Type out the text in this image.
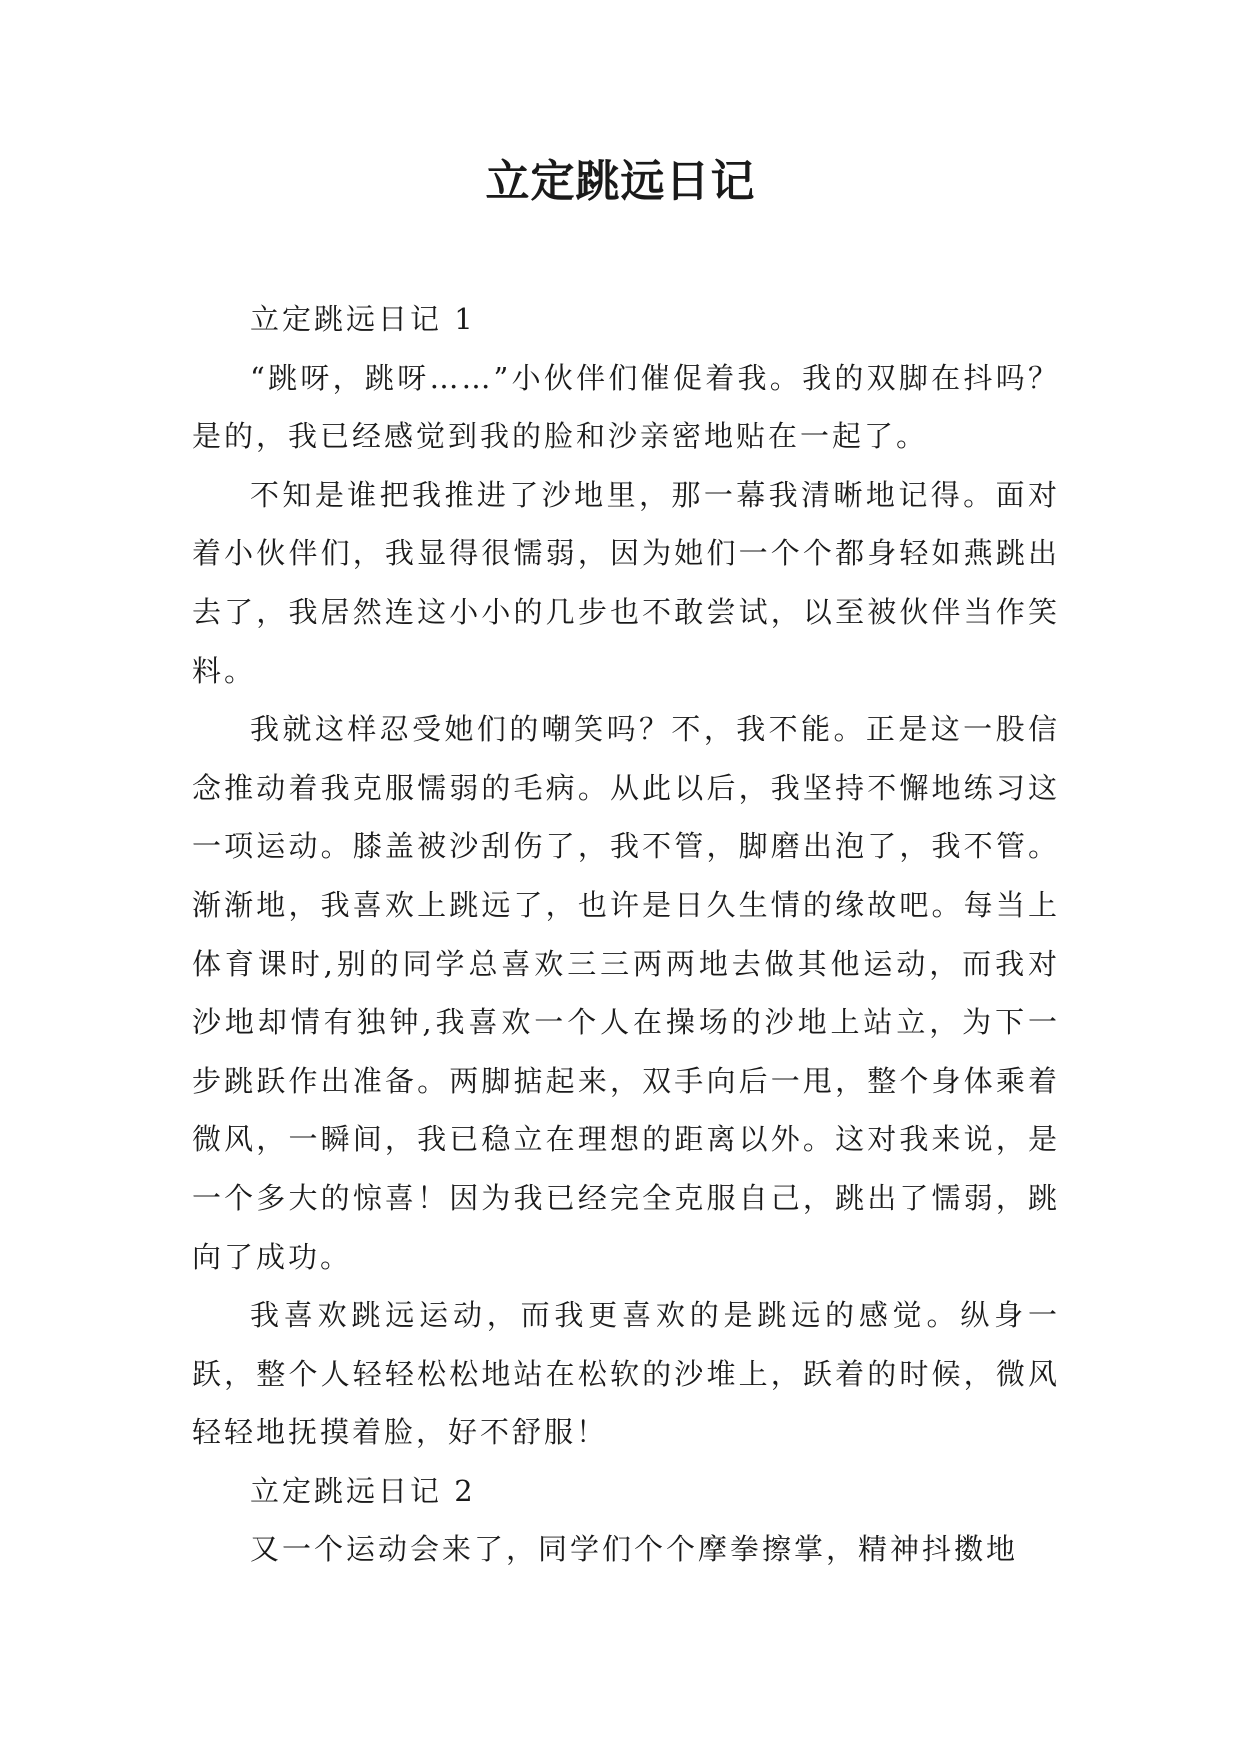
立定跳远日记

立定跳远日记 1

“跳呀，跳呀……”小伙伴们催促着我。我的双脚在抖吗？是的，我已经感觉到我的脸和沙亲密地贴在一起了。

不知是谁把我推进了沙地里，那一幕我清晰地记得。面对着小伙伴们，我显得很懦弱，因为她们一个个都身轻如燕跳出去了，我居然连这小小的几步也不敢尝试，以至被伙伴当作笑料。

我就这样忍受她们的嘲笑吗？不，我不能。正是这一股信念推动着我克服懦弱的毛病。从此以后，我坚持不懈地练习这一项运动。膝盖被沙刮伤了，我不管，脚磨出泡了，我不管。渐渐地，我喜欢上跳远了，也许是日久生情的缘故吧。每当上体育课时,别的同学总喜欢三三两两地去做其他运动，而我对沙地却情有独钟,我喜欢一个人在操场的沙地上站立，为下一步跳跃作出准备。两脚掂起来，双手向后一甩，整个身体乘着微风，一瞬间，我已稳立在理想的距离以外。这对我来说，是一个多大的惊喜！因为我已经完全克服自己，跳出了懦弱，跳向了成功。

我喜欢跳远运动，而我更喜欢的是跳远的感觉。纵身一跃，整个人轻轻松松地站在松软的沙堆上，跃着的时候，微风轻轻地抚摸着脸，好不舒服！

立定跳远日记 2

又一个运动会来了，同学们个个摩拳擦掌，精神抖擞地
